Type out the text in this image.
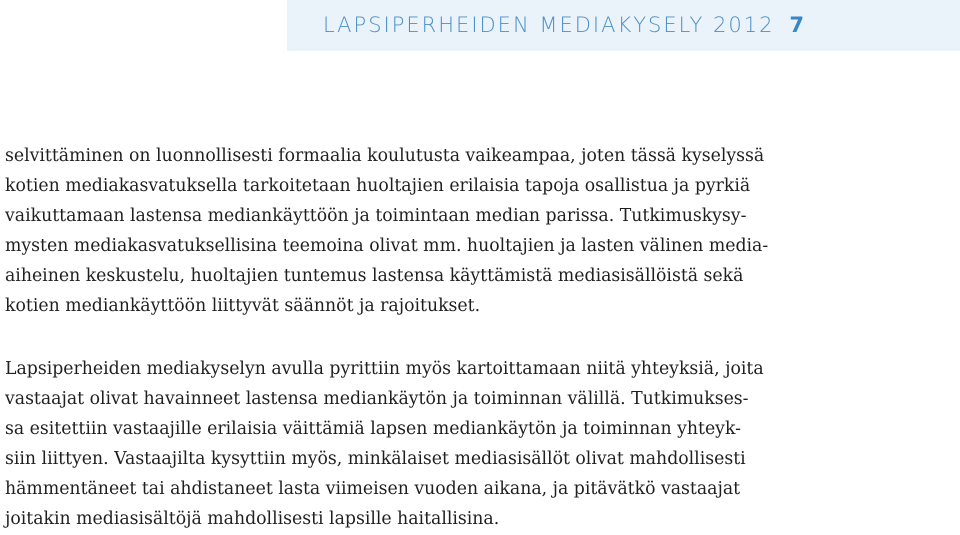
LAPSIPERHEIDEN MEDIAKYSELY 2012 7
selvittäminen on luonnollisesti formaalia koulutusta vaikeampaa, joten tässä kyselyssä
kotien mediakasvatuksella tarkoitetaan huoltajien erilaisia tapoja osallistua ja pyrkiä
vaikuttamaan lastensa mediankäyttöön ja toimintaan median parissa. Tutkimuskysy-
mysten mediakasvatuksellisina teemoina olivat mm. huoltajien ja lasten välinen media-
aiheinen keskustelu, huoltajien tuntemus lastensa käyttämistä mediasisällöistä sekä
kotien mediankäyttöön liittyvät säännöt ja rajoitukset.
Lapsiperheiden mediakyselyn avulla pyrittiin myös kartoittamaan niitä yhteyksiä, joita
vastaajat olivat havainneet lastensa mediankäytön ja toiminnan välillä. Tutkimukses-
sa esitettiin vastaajille erilaisia väittämiä lapsen mediankäytön ja toiminnan yhteyk-
siin liittyen. Vastaajilta kysyttiin myös, minkälaiset mediasisällöt olivat mahdollisesti
hämmentäneet tai ahdistaneet lasta viimeisen vuoden aikana, ja pitävätkö vastaajat
joitakin mediasisältöjä mahdollisesti lapsille haitallisina.
